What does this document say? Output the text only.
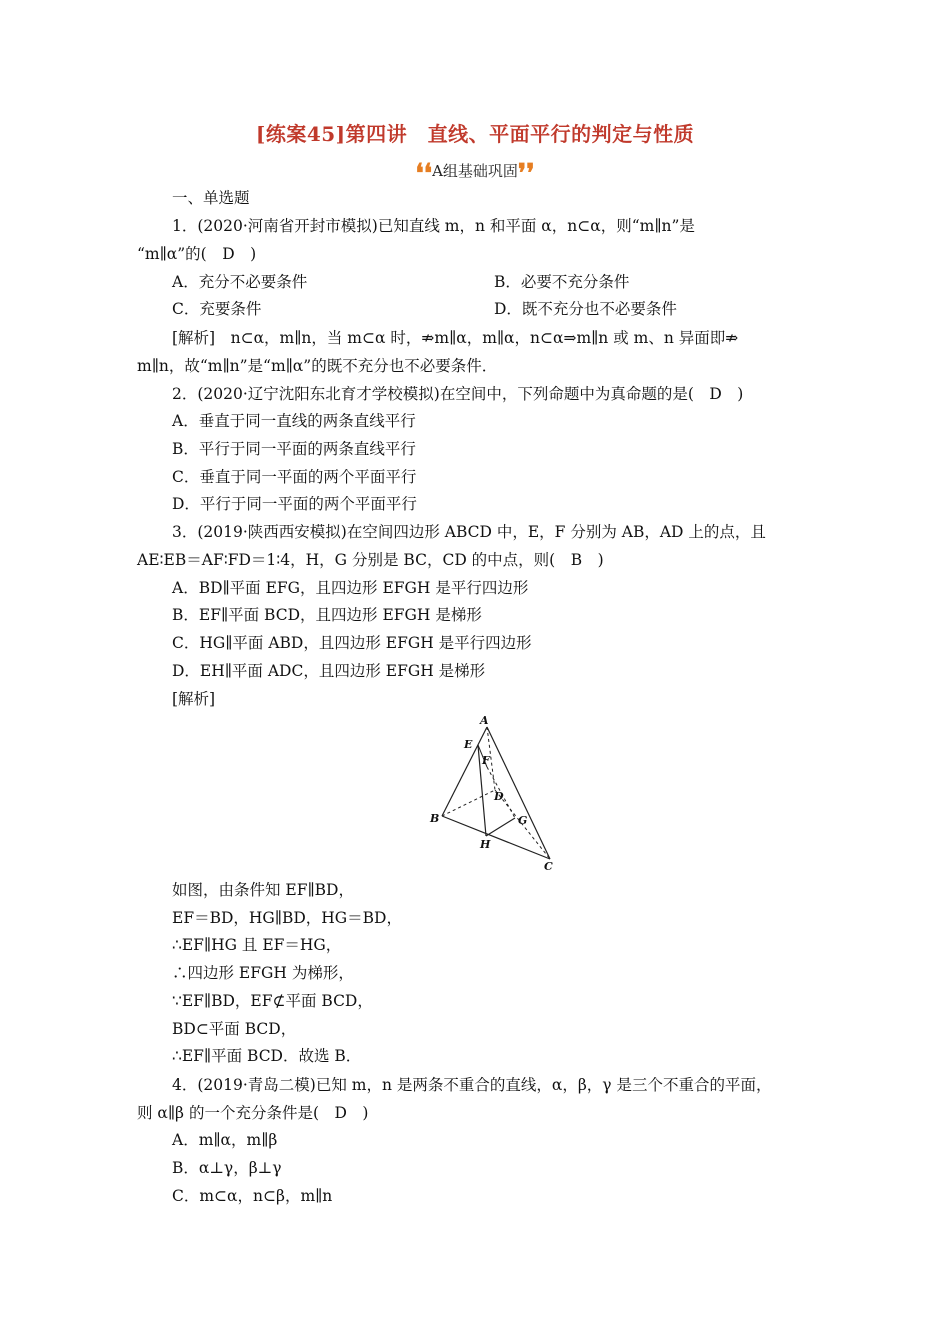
[练案45]第四讲　直线、平面平行的判定与性质
❛❛A组基础巩固❜❜
一、单选题
1．(2020·河南省开封市模拟)已知直线 m，n 和平面 α，n⊂α，则“m∥n”是
“m∥α”的(　D　)
A．充分不必要条件	B．必要不充分条件
C．充要条件	D．既不充分也不必要条件
[解析]　n⊂α，m∥n，当 m⊂α 时，⇏m∥α，m∥α，n⊂α⇒m∥n 或 m、n 异面即⇏
m∥n，故“m∥n”是“m∥α”的既不充分也不必要条件．
2．(2020·辽宁沈阳东北育才学校模拟)在空间中，下列命题中为真命题的是(　D　)
A．垂直于同一直线的两条直线平行
B．平行于同一平面的两条直线平行
C．垂直于同一平面的两个平面平行
D．平行于同一平面的两个平面平行
3．(2019·陕西西安模拟)在空间四边形 ABCD 中，E，F 分别为 AB，AD 上的点，且
AE∶EB＝AF∶FD＝1∶4，H，G 分别是 BC，CD 的中点，则(　B　)
A．BD∥平面 EFG，且四边形 EFGH 是平行四边形
B．EF∥平面 BCD，且四边形 EFGH 是梯形
C．HG∥平面 ABD，且四边形 EFGH 是平行四边形
D．EH∥平面 ADC，且四边形 EFGH 是梯形
[解析]
A
E
F
D
B	G
H
C
如图，由条件知 EF∥BD，
EF＝BD，HG∥BD，HG＝BD，
∴EF∥HG 且 EF＝HG，
∴四边形 EFGH 为梯形，
∵EF∥BD，EF⊄平面 BCD，
BD⊂平面 BCD，
∴EF∥平面 BCD．故选 B．
4．(2019·青岛二模)已知 m，n 是两条不重合的直线，α，β，γ 是三个不重合的平面，
则 α∥β 的一个充分条件是(　D　)
A．m∥α，m∥β
B．α⊥γ，β⊥γ
C．m⊂α，n⊂β，m∥n
